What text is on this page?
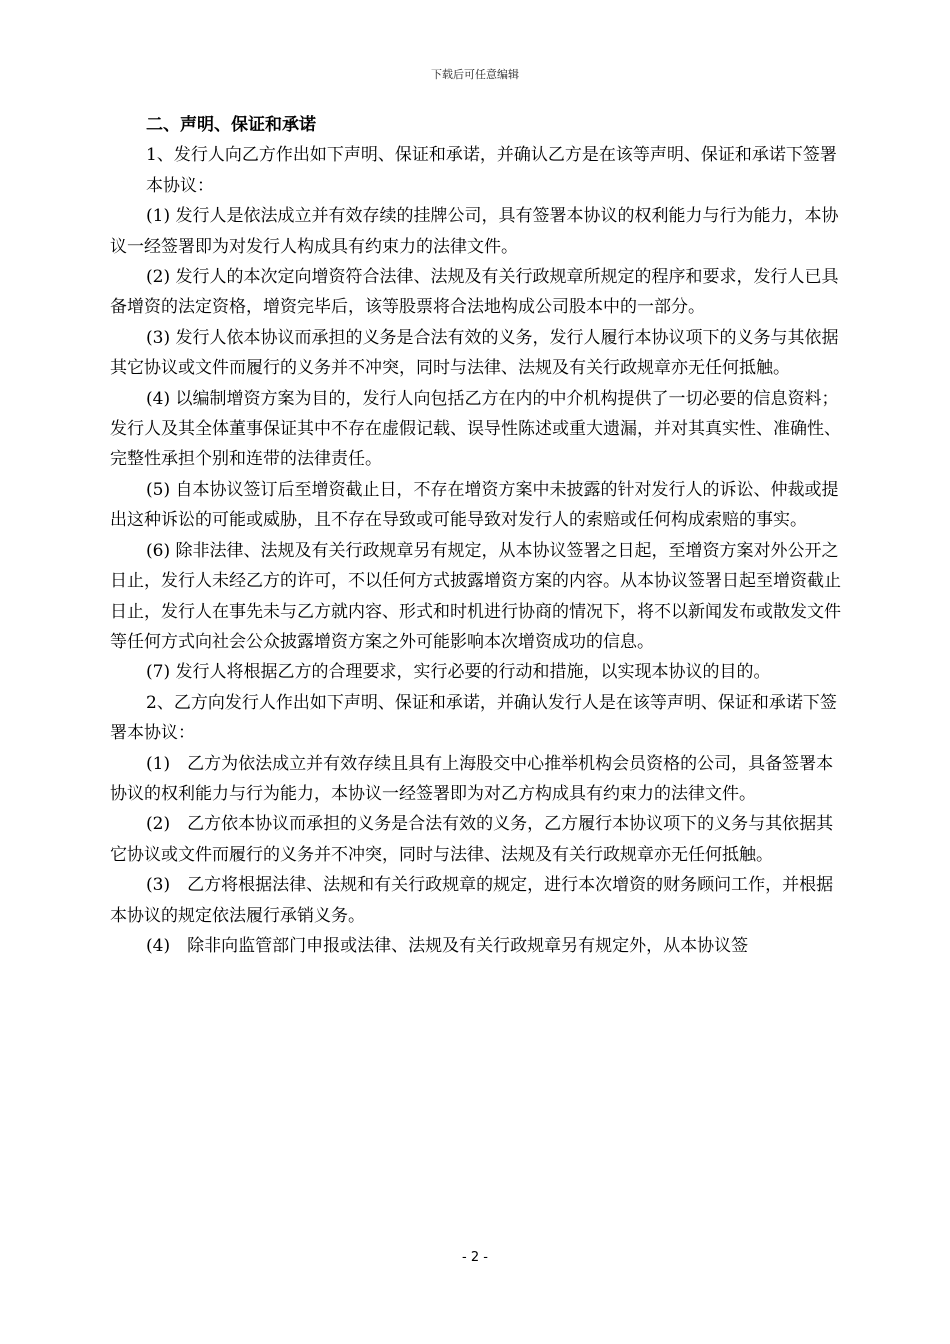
下载后可任意编辑

二、声明、保证和承诺

1、发行人向乙方作出如下声明、保证和承诺，并确认乙方是在该等声明、保证和承诺下签署本协议：

(1) 发行人是依法成立并有效存续的挂牌公司，具有签署本协议的权利能力与行为能力，本协议一经签署即为对发行人构成具有约束力的法律文件。

(2) 发行人的本次定向增资符合法律、法规及有关行政规章所规定的程序和要求，发行人已具备增资的法定资格，增资完毕后，该等股票将合法地构成公司股本中的一部分。

(3) 发行人依本协议而承担的义务是合法有效的义务，发行人履行本协议项下的义务与其依据其它协议或文件而履行的义务并不冲突，同时与法律、法规及有关行政规章亦无任何抵触。

(4) 以编制增资方案为目的，发行人向包括乙方在内的中介机构提供了一切必要的信息资料；发行人及其全体董事保证其中不存在虚假记载、误导性陈述或重大遗漏，并对其真实性、准确性、完整性承担个别和连带的法律责任。

(5) 自本协议签订后至增资截止日，不存在增资方案中未披露的针对发行人的诉讼、仲裁或提出这种诉讼的可能或威胁，且不存在导致或可能导致对发行人的索赔或任何构成索赔的事实。

(6) 除非法律、法规及有关行政规章另有规定，从本协议签署之日起，至增资方案对外公开之日止，发行人未经乙方的许可，不以任何方式披露增资方案的内容。从本协议签署日起至增资截止日止，发行人在事先未与乙方就内容、形式和时机进行协商的情况下，将不以新闻发布或散发文件等任何方式向社会公众披露增资方案之外可能影响本次增资成功的信息。

(7) 发行人将根据乙方的合理要求，实行必要的行动和措施，以实现本协议的目的。

2、乙方向发行人作出如下声明、保证和承诺，并确认发行人是在该等声明、保证和承诺下签署本协议：

(1)　乙方为依法成立并有效存续且具有上海股交中心推举机构会员资格的公司，具备签署本协议的权利能力与行为能力，本协议一经签署即为对乙方构成具有约束力的法律文件。

(2)　乙方依本协议而承担的义务是合法有效的义务，乙方履行本协议项下的义务与其依据其它协议或文件而履行的义务并不冲突，同时与法律、法规及有关行政规章亦无任何抵触。

(3)　乙方将根据法律、法规和有关行政规章的规定，进行本次增资的财务顾问工作，并根据本协议的规定依法履行承销义务。

(4)　除非向监管部门申报或法律、法规及有关行政规章另有规定外，从本协议签

- 2 -
